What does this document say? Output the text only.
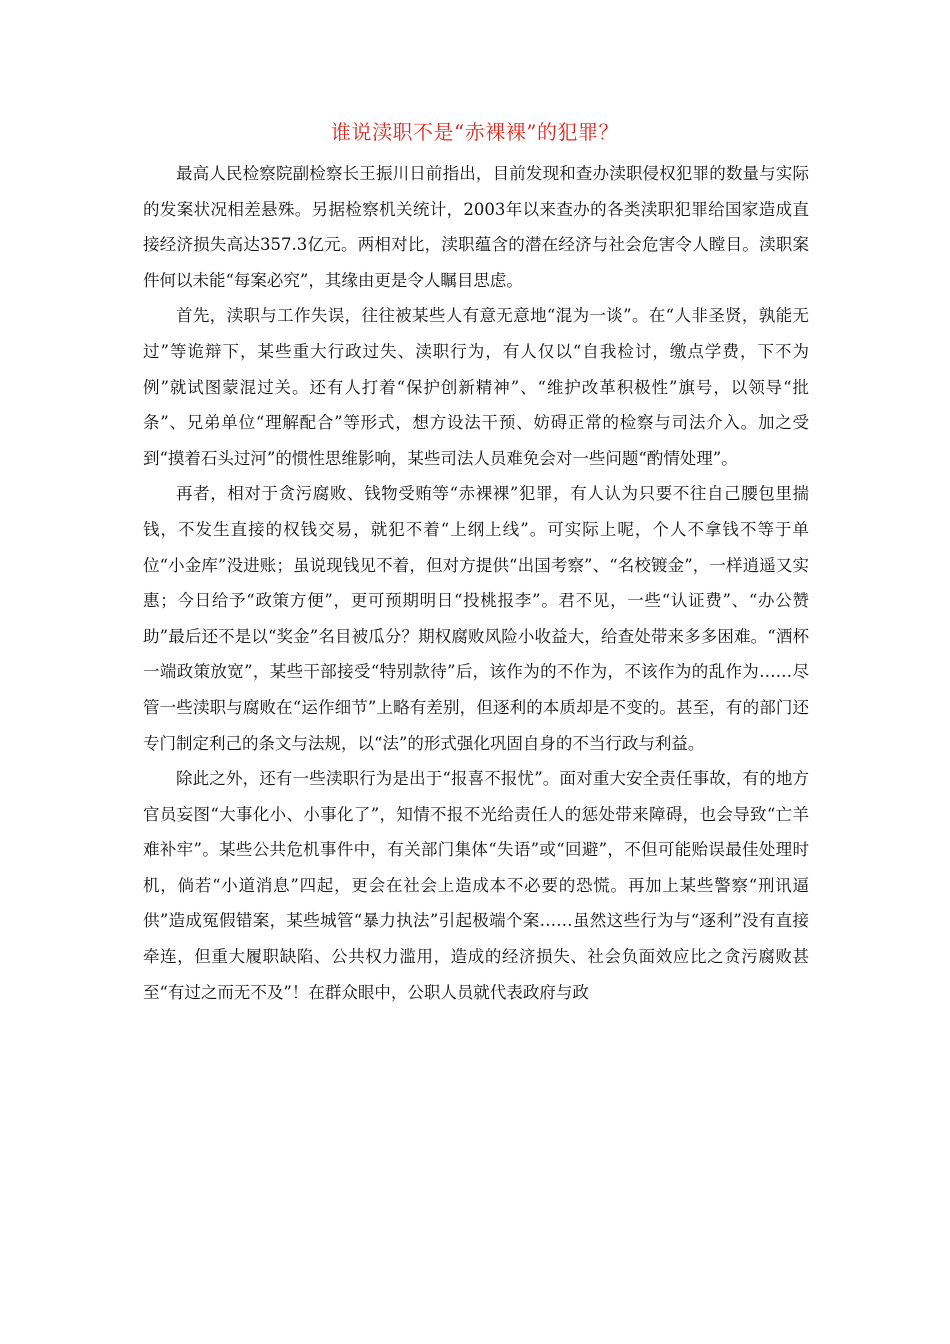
谁说渎职不是“赤裸裸”的犯罪？

最高人民检察院副检察长王振川日前指出，目前发现和查办渎职侵权犯罪的数量与实际的发案状况相差悬殊。另据检察机关统计，2003年以来查办的各类渎职犯罪给国家造成直接经济损失高达357.3亿元。两相对比，渎职蕴含的潜在经济与社会危害令人瞠目。渎职案件何以未能“每案必究”，其缘由更是令人瞩目思虑。

首先，渎职与工作失误，往往被某些人有意无意地“混为一谈”。在“人非圣贤，孰能无过”等诡辩下，某些重大行政过失、渎职行为，有人仅以“自我检讨，缴点学费，下不为例”就试图蒙混过关。还有人打着“保护创新精神”、“维护改革积极性”旗号，以领导“批条”、兄弟单位“理解配合”等形式，想方设法干预、妨碍正常的检察与司法介入。加之受到“摸着石头过河”的惯性思维影响，某些司法人员难免会对一些问题“酌情处理”。

再者，相对于贪污腐败、钱物受贿等“赤裸裸”犯罪，有人认为只要不往自己腰包里揣钱，不发生直接的权钱交易，就犯不着“上纲上线”。可实际上呢，个人不拿钱不等于单位“小金库”没进账；虽说现钱见不着，但对方提供“出国考察”、“名校镀金”，一样逍遥又实惠；今日给予“政策方便”，更可预期明日“投桃报李”。君不见，一些“认证费”、“办公赞助”最后还不是以“奖金”名目被瓜分？期权腐败风险小收益大，给查处带来多多困难。“酒杯一端政策放宽”，某些干部接受“特别款待”后，该作为的不作为，不该作为的乱作为……尽管一些渎职与腐败在“运作细节”上略有差别，但逐利的本质却是不变的。甚至，有的部门还专门制定利己的条文与法规，以“法”的形式强化巩固自身的不当行政与利益。

除此之外，还有一些渎职行为是出于“报喜不报忧”。面对重大安全责任事故，有的地方官员妄图“大事化小、小事化了”，知情不报不光给责任人的惩处带来障碍，也会导致“亡羊难补牢”。某些公共危机事件中，有关部门集体“失语”或“回避”，不但可能贻误最佳处理时机，倘若“小道消息”四起，更会在社会上造成本不必要的恐慌。再加上某些警察“刑讯逼供”造成冤假错案，某些城管“暴力执法”引起极端个案……虽然这些行为与“逐利”没有直接牵连，但重大履职缺陷、公共权力滥用，造成的经济损失、社会负面效应比之贪污腐败甚至“有过之而无不及”！在群众眼中，公职人员就代表政府与政
